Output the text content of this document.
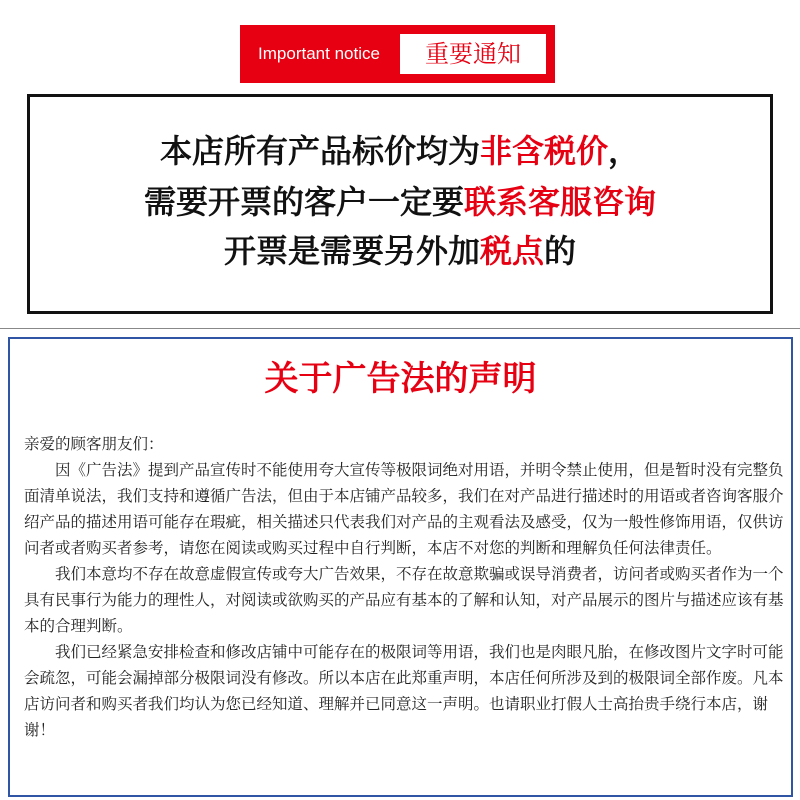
Important notice	重要通知
本店所有产品标价均为非含税价，
需要开票的客户一定要联系客服咨询
开票是需要另外加税点的
关于广告法的声明

亲爱的顾客朋友们：

因《广告法》提到产品宣传时不能使用夸大宣传等极限词绝对用语，并明令禁止使用，但是暂时没有完整负面清单说法，我们支持和遵循广告法，但由于本店铺产品较多，我们在对产品进行描述时的用语或者咨询客服介绍产品的描述用语可能存在瑕疵，相关描述只代表我们对产品的主观看法及感受，仅为一般性修饰用语，仅供访问者或者购买者参考，请您在阅读或购买过程中自行判断，本店不对您的判断和理解负任何法律责任。

我们本意均不存在故意虚假宣传或夸大广告效果，不存在故意欺骗或误导消费者，访问者或购买者作为一个具有民事行为能力的理性人，对阅读或欲购买的产品应有基本的了解和认知，对产品展示的图片与描述应该有基本的合理判断。

我们已经紧急安排检查和修改店铺中可能存在的极限词等用语，我们也是肉眼凡胎，在修改图片文字时可能会疏忽，可能会漏掉部分极限词没有修改。所以本店在此郑重声明，本店任何所涉及到的极限词全部作废。凡本店访问者和购买者我们均认为您已经知道、理解并已同意这一声明。也请职业打假人士高抬贵手绕行本店，谢谢！
